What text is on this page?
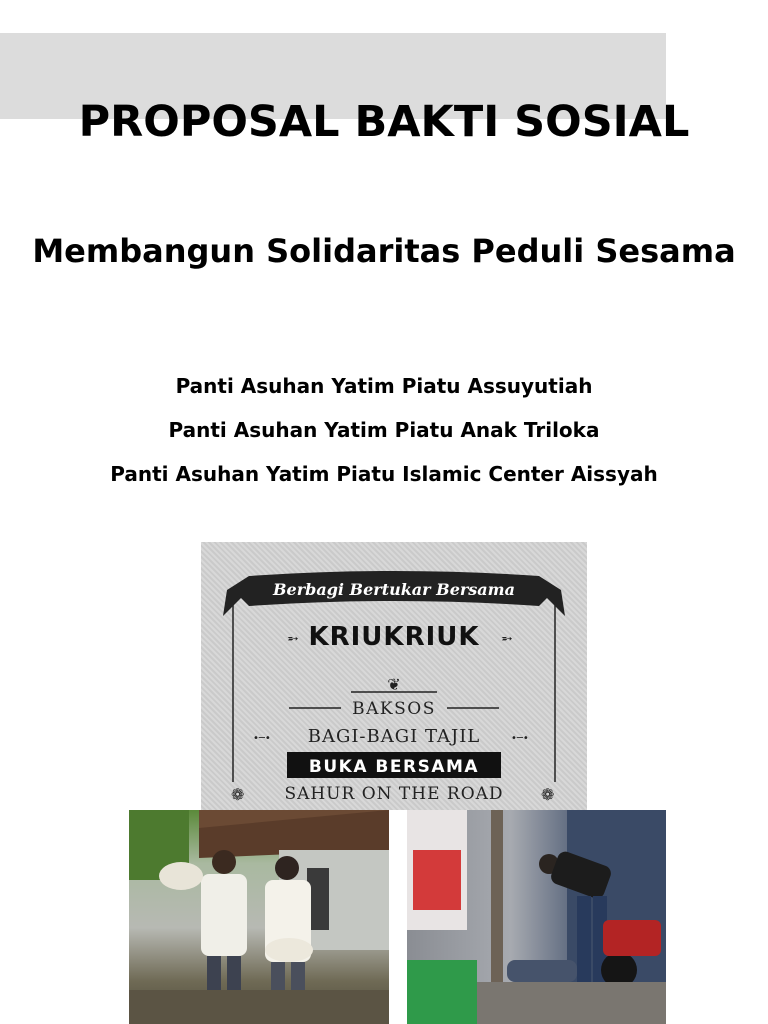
PROPOSAL BAKTI SOSIAL
Membangun Solidaritas Peduli Sesama

Panti Asuhan Yatim Piatu Assuyutiah

Panti Asuhan Yatim Piatu Anak Triloka

Panti Asuhan Yatim Piatu Islamic Center Aissyah

Berbagi Bertukar Bersama
➵	➵
KRIUKRIUK
❦
BAKSOS
BAGI-BAGI TAJIL
•─•	•─•
BUKA BERSAMA
❁	❁
SAHUR ON THE ROAD
